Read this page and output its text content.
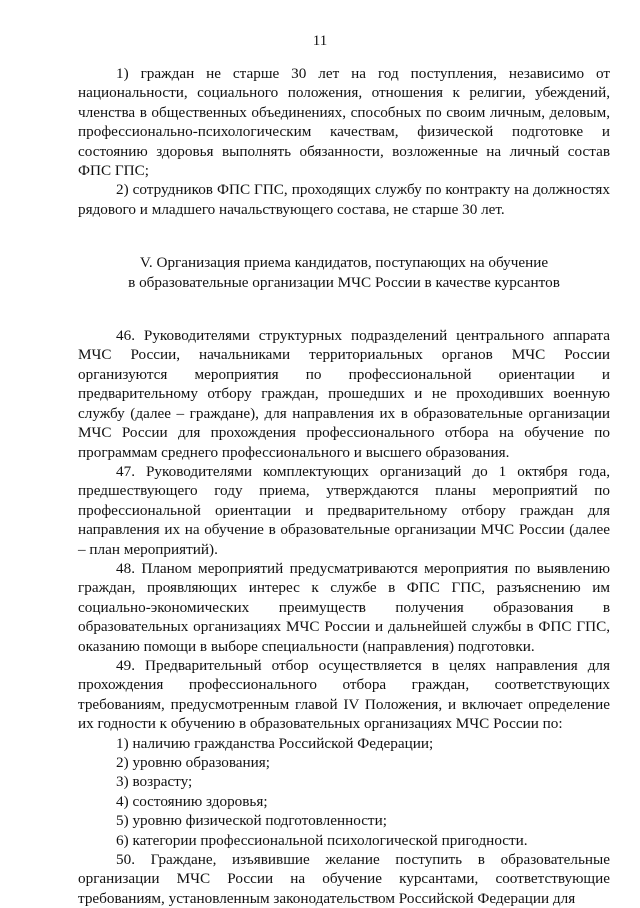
11

1) граждан не старше 30 лет на год поступления, независимо от национальности, социального положения, отношения к религии, убеждений, членства в общественных объединениях, способных по своим личным, деловым, профессионально-психологическим качествам, физической подготовке и состоянию здоровья выполнять обязанности, возложенные на личный состав ФПС ГПС;

2) сотрудников ФПС ГПС, проходящих службу по контракту на должностях рядового и младшего начальствующего состава, не старше 30 лет.

V. Организация приема кандидатов, поступающих на обучение
в образовательные организации МЧС России в качестве курсантов

46. Руководителями структурных подразделений центрального аппарата МЧС России, начальниками территориальных органов МЧС России организуются мероприятия по профессиональной ориентации и предварительному отбору граждан, прошедших и не проходивших военную службу (далее – граждане), для направления их в образовательные организации МЧС России для прохождения профессионального отбора на обучение по программам среднего профессионального и высшего образования.

47. Руководителями комплектующих организаций до 1 октября года, предшествующего году приема, утверждаются планы мероприятий по профессиональной ориентации и предварительному отбору граждан для направления их на обучение в образовательные организации МЧС России (далее – план мероприятий).

48. Планом мероприятий предусматриваются мероприятия по выявлению граждан, проявляющих интерес к службе в ФПС ГПС, разъяснению им социально-экономических преимуществ получения образования в образовательных организациях МЧС России и дальнейшей службы в ФПС ГПС, оказанию помощи в выборе специальности (направления) подготовки.

49. Предварительный отбор осуществляется в целях направления для прохождения профессионального отбора граждан, соответствующих требованиям, предусмотренным главой IV Положения, и включает определение их годности к обучению в образовательных организациях МЧС России по:

1) наличию гражданства Российской Федерации;

2) уровню образования;

3) возрасту;

4) состоянию здоровья;

5) уровню физической подготовленности;

6) категории профессиональной психологической пригодности.

50. Граждане, изъявившие желание поступить в образовательные организации МЧС России на обучение курсантами, соответствующие требованиям, установленным законодательством Российской Федерации для
